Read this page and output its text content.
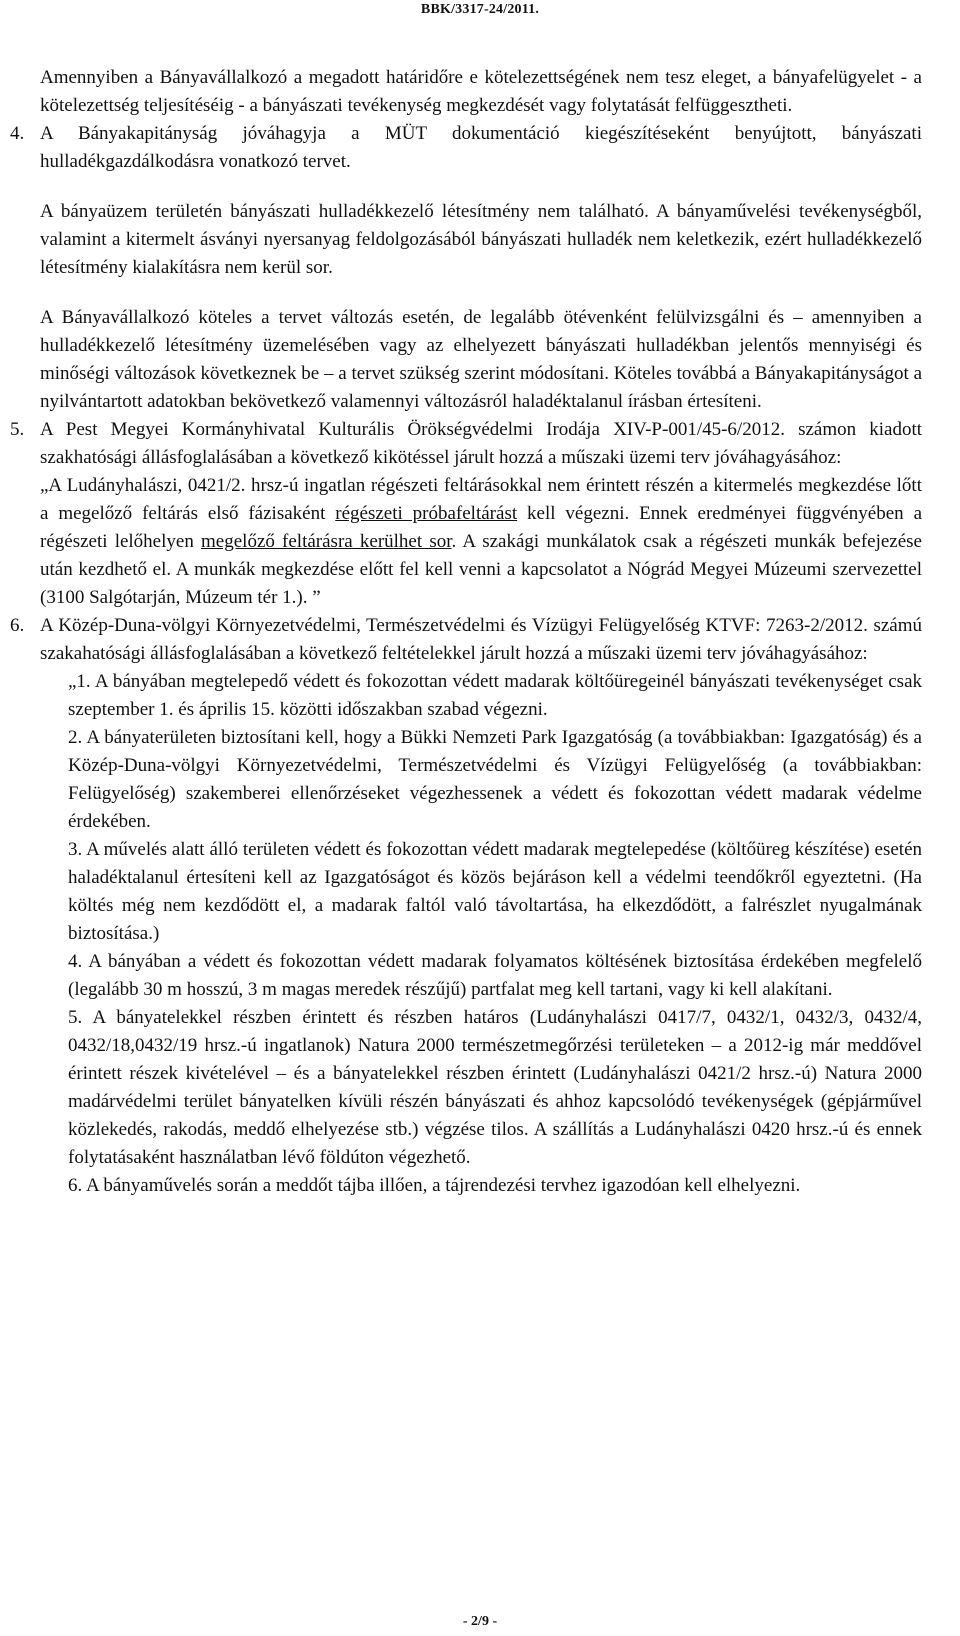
BBK/3317-24/2011.

Amennyiben a Bányavállalkozó a megadott határidőre e kötelezettségének nem tesz eleget, a bányafelügyelet - a kötelezettség teljesítéséig - a bányászati tevékenység megkezdését vagy folytatását felfüggesztheti.

4. A Bányakapitányság jóváhagyja a MÜT dokumentáció kiegészítéseként benyújtott, bányászati hulladékgazdálkodásra vonatkozó tervet.

A bányaüzem területén bányászati hulladékkezelő létesítmény nem található. A bányaművelési tevékenységből, valamint a kitermelt ásványi nyersanyag feldolgozásából bányászati hulladék nem keletkezik, ezért hulladékkezelő létesítmény kialakításra nem kerül sor.

A Bányavállalkozó köteles a tervet változás esetén, de legalább ötévenként felülvizsgálni és – amennyiben a hulladékkezelő létesítmény üzemelésében vagy az elhelyezett bányászati hulladékban jelentős mennyiségi és minőségi változások következnek be – a tervet szükség szerint módosítani. Köteles továbbá a Bányakapitányságot a nyilvántartott adatokban bekövetkező valamennyi változásról haladéktalanul írásban értesíteni.

5. A Pest Megyei Kormányhivatal Kulturális Örökségvédelmi Irodája XIV-P-001/45-6/2012. számon kiadott szakhatósági állásfoglalásában a következő kikötéssel járult hozzá a műszaki üzemi terv jóváhagyásához:

„A Ludányhalászi, 0421/2. hrsz-ú ingatlan régészeti feltárásokkal nem érintett részén a kitermelés megkezdése lőtt a megelőző feltárás első fázisaként régészeti próbafeltárást kell végezni. Ennek eredményei függvényében a régészeti lelőhelyen megelőző feltárásra kerülhet sor. A szakági munkálatok csak a régészeti munkák befejezése után kezdhető el. A munkák megkezdése előtt fel kell venni a kapcsolatot a Nógrád Megyei Múzeumi szervezettel (3100 Salgótarján, Múzeum tér 1.). ”

6. A Közép-Duna-völgyi Környezetvédelmi, Természetvédelmi és Vízügyi Felügyelőség KTVF: 7263-2/2012. számú szakahatósági állásfoglalásában a következő feltételekkel járult hozzá a műszaki üzemi terv jóváhagyásához:

„1. A bányában megtelepedő védett és fokozottan védett madarak költőüregeinél bányászati tevékenységet csak szeptember 1. és április 15. közötti időszakban szabad végezni.

2. A bányaterületen biztosítani kell, hogy a Bükki Nemzeti Park Igazgatóság (a továbbiakban: Igazgatóság) és a Közép-Duna-völgyi Környezetvédelmi, Természetvédelmi és Vízügyi Felügyelőség (a továbbiakban: Felügyelőség) szakemberei ellenőrzéseket végezhessenek a védett és fokozottan védett madarak védelme érdekében.

3. A művelés alatt álló területen védett és fokozottan védett madarak megtelepedése (költőüreg készítése) esetén haladéktalanul értesíteni kell az Igazgatóságot és közös bejáráson kell a védelmi teendőkről egyeztetni. (Ha költés még nem kezdődött el, a madarak faltól való távoltartása, ha elkezdődött, a falrészlet nyugalmának biztosítása.)

4. A bányában a védett és fokozottan védett madarak folyamatos költésének biztosítása érdekében megfelelő (legalább 30 m hosszú, 3 m magas meredek részűjű) partfalat meg kell tartani, vagy ki kell alakítani.

5. A bányatelekkel részben érintett és részben határos (Ludányhalászi 0417/7, 0432/1, 0432/3, 0432/4, 0432/18,0432/19 hrsz.-ú ingatlanok) Natura 2000 természetmegőrzési területeken – a 2012-ig már meddővel érintett részek kivételével – és a bányatelekkel részben érintett (Ludányhalászi 0421/2 hrsz.-ú) Natura 2000 madárvédelmi terület bányatelken kívüli részén bányászati és ahhoz kapcsolódó tevékenységek (gépjárművel közlekedés, rakodás, meddő elhelyezése stb.) végzése tilos. A szállítás a Ludányhalászi 0420 hrsz.-ú és ennek folytatásaként használatban lévő földúton végezhető.

6. A bányaművelés során a meddőt tájba illően, a tájrendezési tervhez igazodóan kell elhelyezni.

- 2/9 -
